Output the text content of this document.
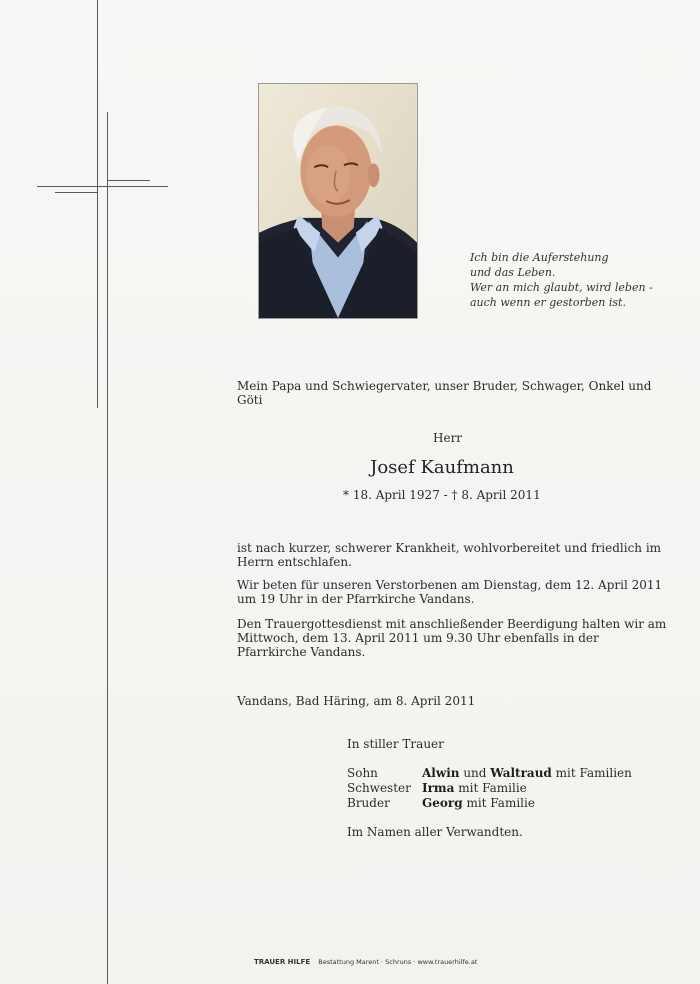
Ich bin die Auferstehung
und das Leben.
Wer an mich glaubt, wird leben -
auch wenn er gestorben ist.
Mein Papa und Schwiegervater, unser Bruder, Schwager, Onkel und Göti
Herr
Josef Kaufmann
* 18. April 1927 - † 8. April 2011
ist nach kurzer, schwerer Krankheit, wohlvorbereitet und friedlich im Herrn entschlafen.
Wir beten für unseren Verstorbenen am Dienstag, dem 12. April 2011 um 19 Uhr in der Pfarrkirche Vandans.
Den Trauergottesdienst mit anschließender Beerdigung halten wir am Mittwoch, dem 13. April 2011 um 9.30 Uhr ebenfalls in der Pfarrkirche Vandans.
Vandans, Bad Häring, am 8. April 2011
In stiller Trauer
Sohn	Alwin und Waltraud mit Familien
Schwester Irma mit Familie
Bruder	Georg mit Familie
Im Namen aller Verwandten.
TRAUER HILFE Bestattung Marent · Schruns · www.trauerhilfe.at
